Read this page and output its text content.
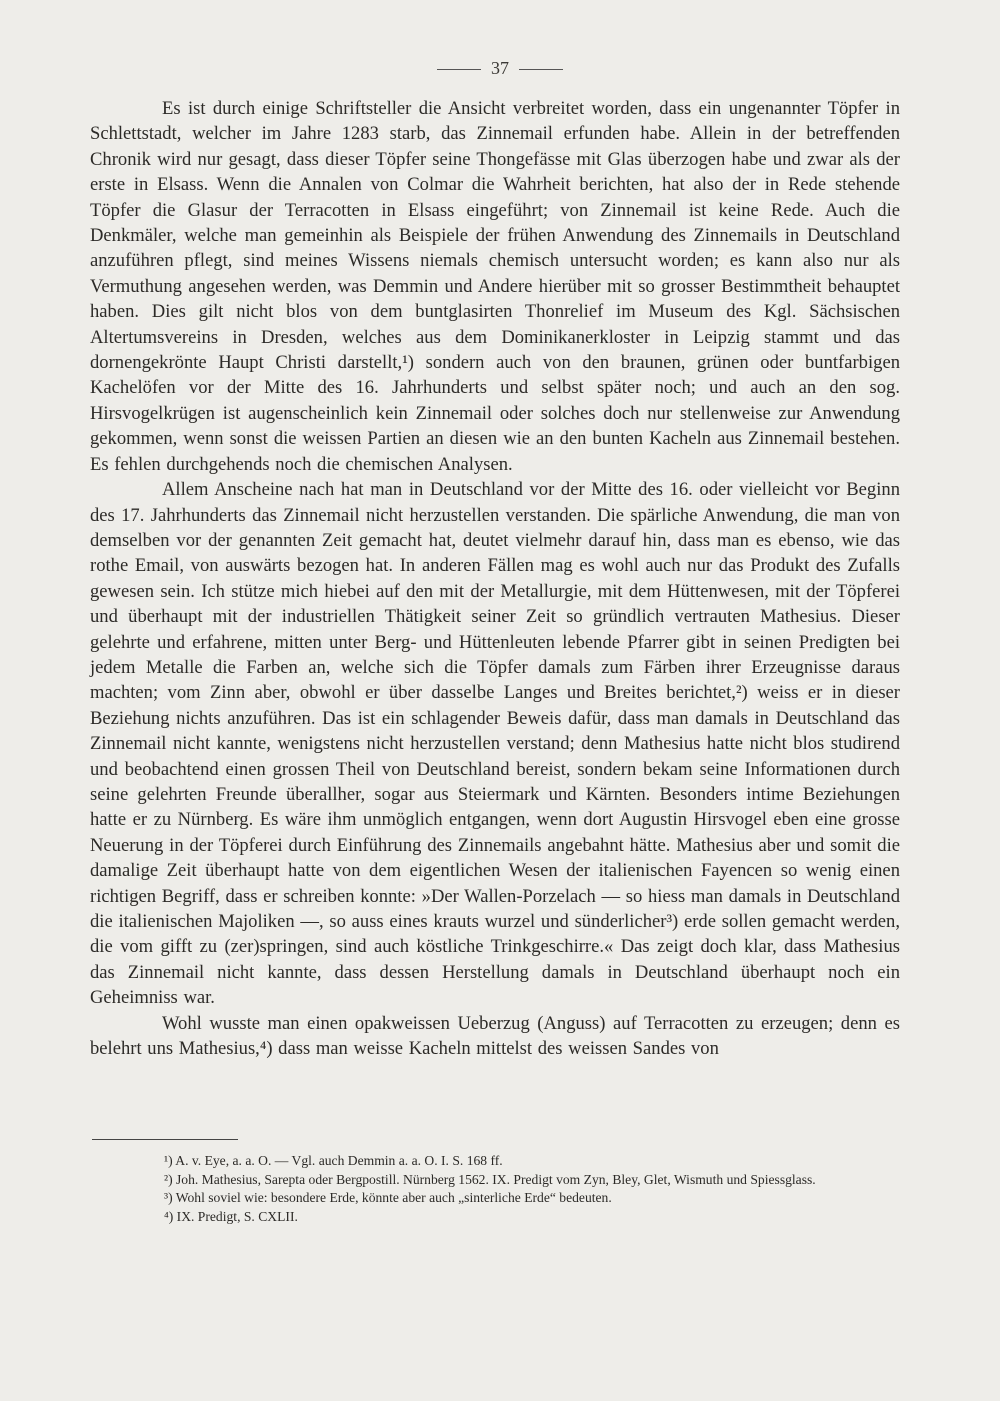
37

Es ist durch einige Schriftsteller die Ansicht verbreitet worden, dass ein ungenannter Töpfer in Schlettstadt, welcher im Jahre 1283 starb, das Zinnemail erfunden habe. Allein in der betreffenden Chronik wird nur gesagt, dass dieser Töpfer seine Thongefässe mit Glas überzogen habe und zwar als der erste in Elsass. Wenn die Annalen von Colmar die Wahrheit berichten, hat also der in Rede stehende Töpfer die Glasur der Terracotten in Elsass eingeführt; von Zinnemail ist keine Rede. Auch die Denkmäler, welche man gemeinhin als Beispiele der frühen Anwendung des Zinnemails in Deutschland anzuführen pflegt, sind meines Wissens niemals chemisch untersucht worden; es kann also nur als Vermuthung angesehen werden, was Demmin und Andere hierüber mit so grosser Bestimmtheit behauptet haben. Dies gilt nicht blos von dem buntglasirten Thonrelief im Museum des Kgl. Sächsischen Altertumsvereins in Dresden, welches aus dem Dominikanerkloster in Leipzig stammt und das dornengekrönte Haupt Christi darstellt,¹) sondern auch von den braunen, grünen oder buntfarbigen Kachelöfen vor der Mitte des 16. Jahrhunderts und selbst später noch; und auch an den sog. Hirsvogelkrügen ist augenscheinlich kein Zinnemail oder solches doch nur stellenweise zur Anwendung gekommen, wenn sonst die weissen Partien an diesen wie an den bunten Kacheln aus Zinnemail bestehen. Es fehlen durchgehends noch die chemischen Analysen.

Allem Anscheine nach hat man in Deutschland vor der Mitte des 16. oder vielleicht vor Beginn des 17. Jahrhunderts das Zinnemail nicht herzustellen verstanden. Die spärliche Anwendung, die man von demselben vor der genannten Zeit gemacht hat, deutet vielmehr darauf hin, dass man es ebenso, wie das rothe Email, von auswärts bezogen hat. In anderen Fällen mag es wohl auch nur das Produkt des Zufalls gewesen sein. Ich stütze mich hiebei auf den mit der Metallurgie, mit dem Hüttenwesen, mit der Töpferei und überhaupt mit der industriellen Thätigkeit seiner Zeit so gründlich vertrauten Mathesius. Dieser gelehrte und erfahrene, mitten unter Berg- und Hüttenleuten lebende Pfarrer gibt in seinen Predigten bei jedem Metalle die Farben an, welche sich die Töpfer damals zum Färben ihrer Erzeugnisse daraus machten; vom Zinn aber, obwohl er über dasselbe Langes und Breites berichtet,²) weiss er in dieser Beziehung nichts anzuführen. Das ist ein schlagender Beweis dafür, dass man damals in Deutschland das Zinnemail nicht kannte, wenigstens nicht herzustellen verstand; denn Mathesius hatte nicht blos studirend und beobachtend einen grossen Theil von Deutschland bereist, sondern bekam seine Informationen durch seine gelehrten Freunde überallher, sogar aus Steiermark und Kärnten. Besonders intime Beziehungen hatte er zu Nürnberg. Es wäre ihm unmöglich entgangen, wenn dort Augustin Hirsvogel eben eine grosse Neuerung in der Töpferei durch Einführung des Zinnemails angebahnt hätte. Mathesius aber und somit die damalige Zeit überhaupt hatte von dem eigentlichen Wesen der italienischen Fayencen so wenig einen richtigen Begriff, dass er schreiben konnte: »Der Wallen-Porzelach — so hiess man damals in Deutschland die italienischen Majoliken —, so auss eines krauts wurzel und sünderlicher³) erde sollen gemacht werden, die vom gifft zu (zer)springen, sind auch köstliche Trinkgeschirre.« Das zeigt doch klar, dass Mathesius das Zinnemail nicht kannte, dass dessen Herstellung damals in Deutschland überhaupt noch ein Geheimniss war.

Wohl wusste man einen opakweissen Ueberzug (Anguss) auf Terracotten zu erzeugen; denn es belehrt uns Mathesius,⁴) dass man weisse Kacheln mittelst des weissen Sandes von

¹) A. v. Eye, a. a. O. — Vgl. auch Demmin a. a. O. I. S. 168 ff.

²) Joh. Mathesius, Sarepta oder Bergpostill. Nürnberg 1562. IX. Predigt vom Zyn, Bley, Glet, Wismuth und Spiessglass.

³) Wohl soviel wie: besondere Erde, könnte aber auch „sinterliche Erde“ bedeuten.

⁴) IX. Predigt, S. CXLII.
